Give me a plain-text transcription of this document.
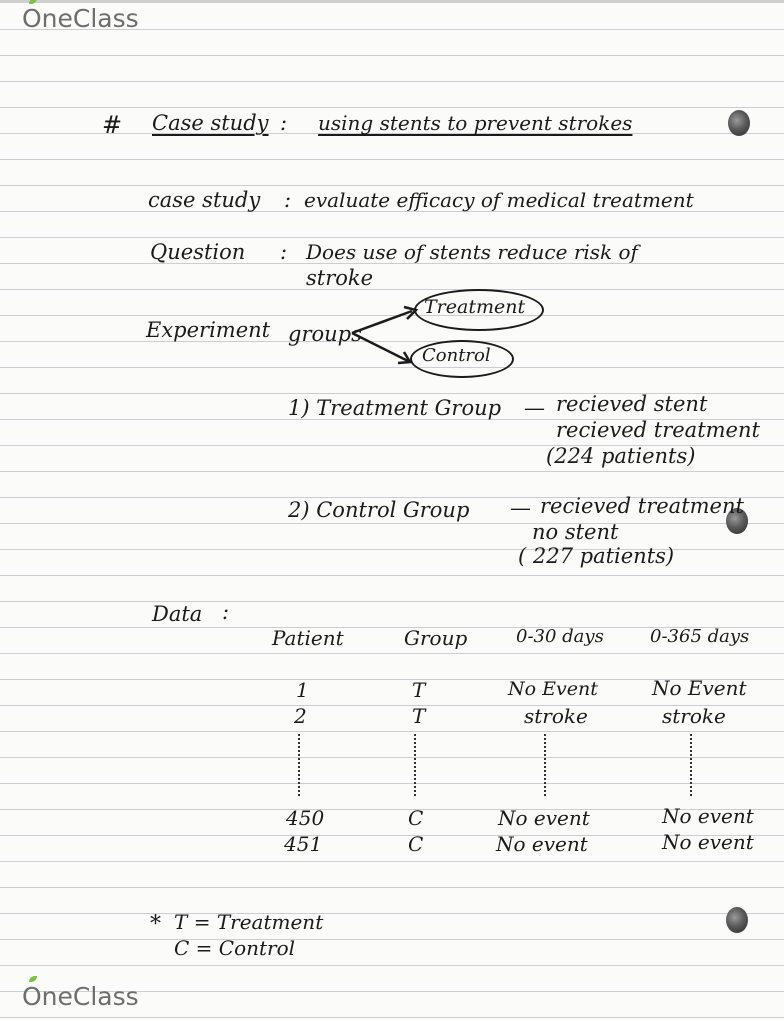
OneClass
# Case study : using stents to prevent strokes
case study : evaluate efficacy of medical treatment
Question : Does use of stents reduce risk of
stroke
Experiment groups
Treatment
Control
1) Treatment Group — recieved stent
recieved treatment
(224 patients)
2) Control Group — recieved treatment
no stent
( 227 patients)
Data :
Patient	Group	0-30 days	0-365 days
1	T	No Event	No Event
2	T	stroke	stroke
450	C	No event	No event
451	C	No event	No event
* T = Treatment
C = Control
OneClass
